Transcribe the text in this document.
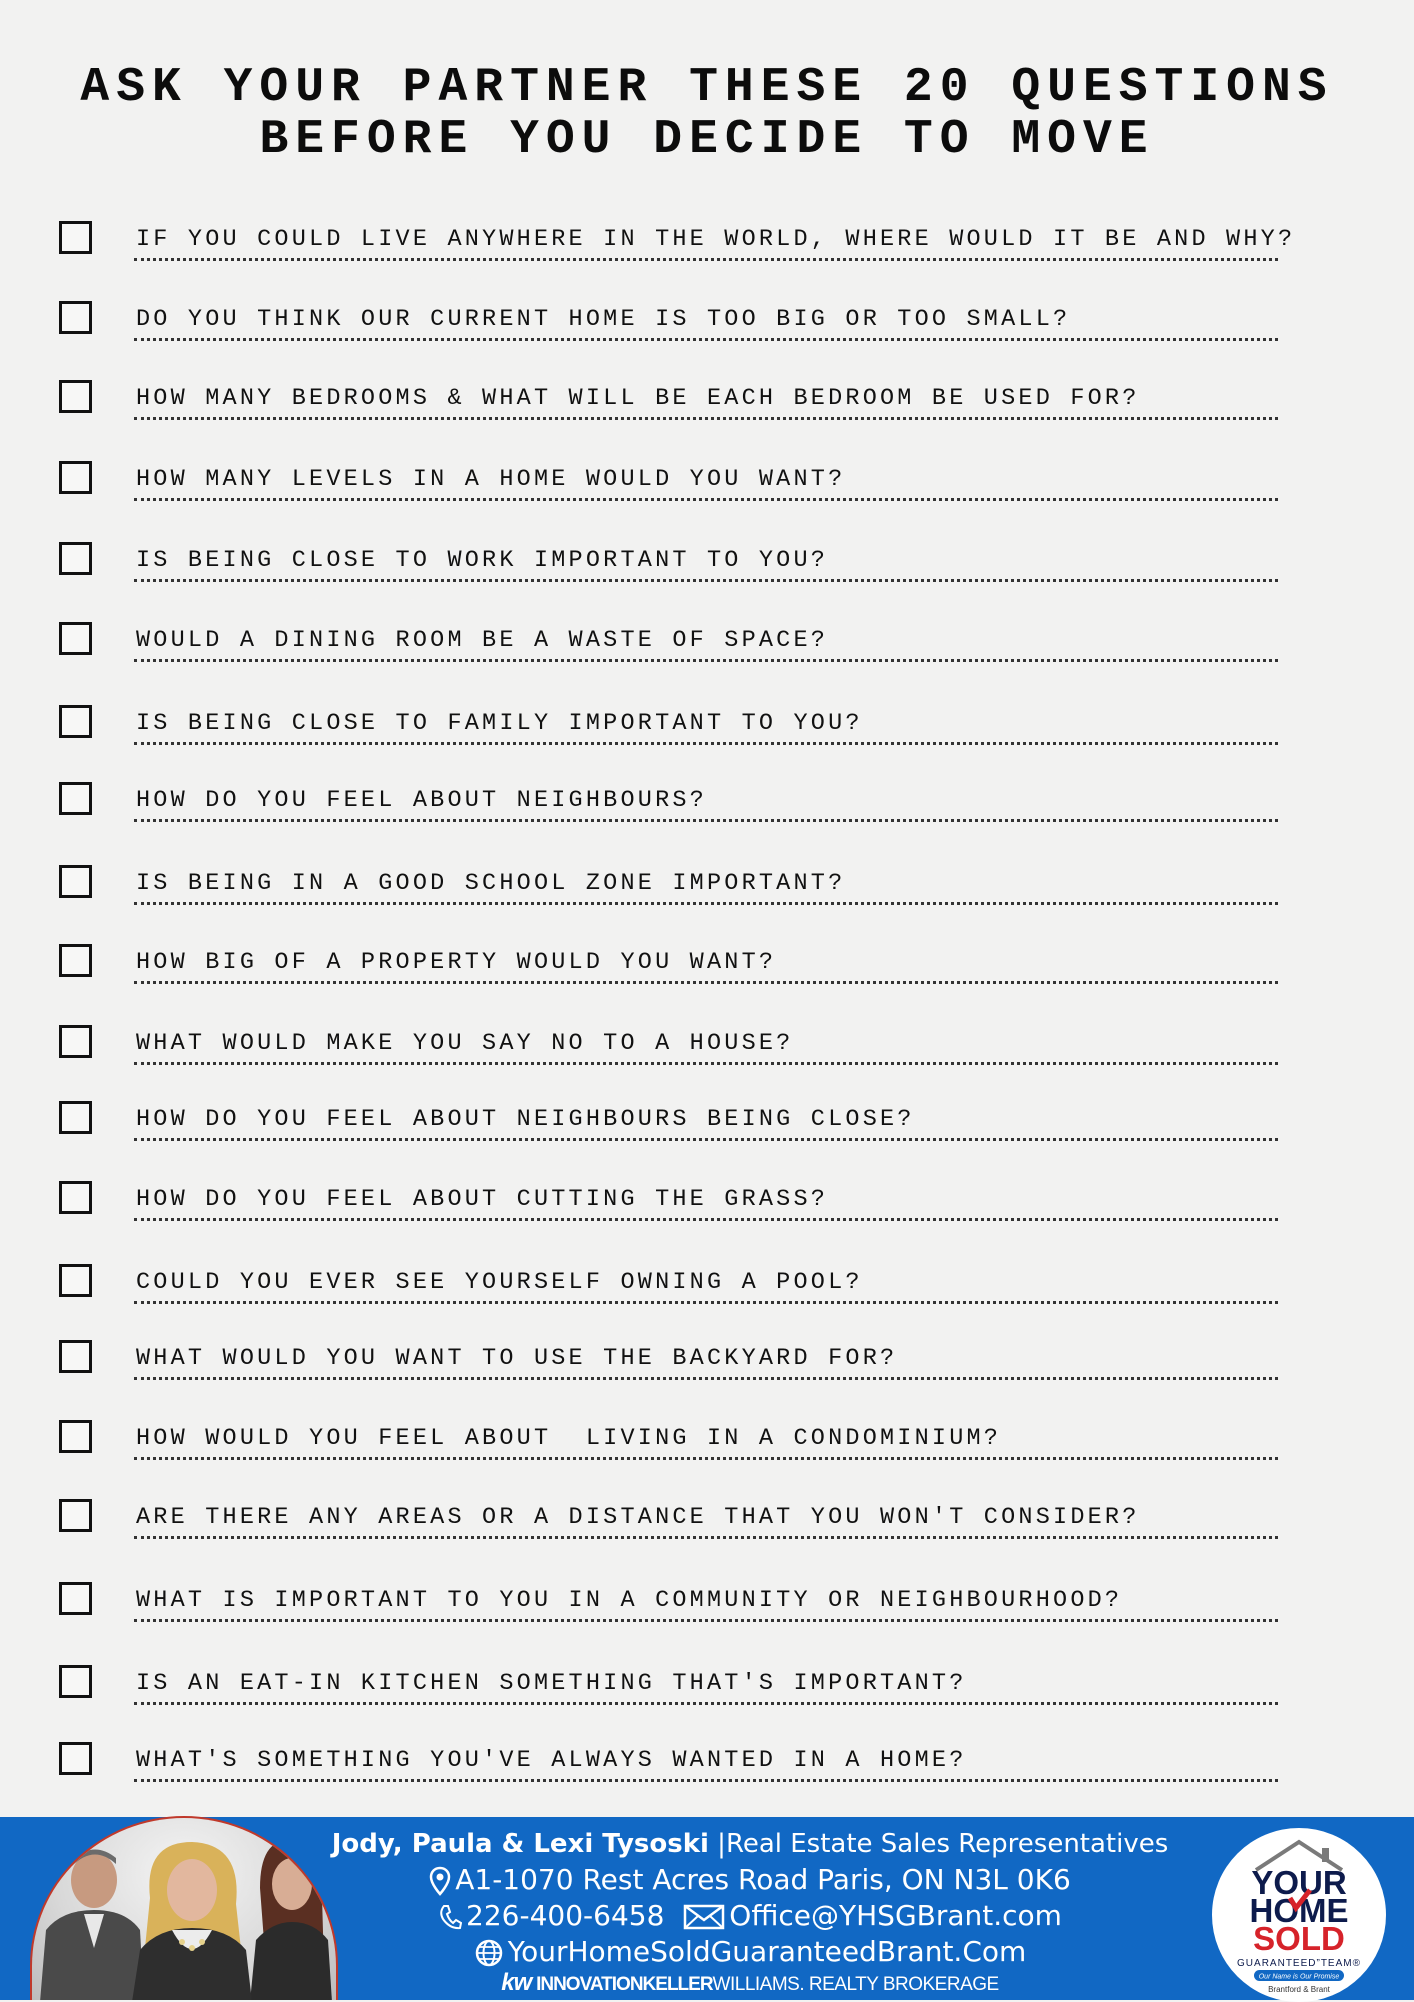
ASK YOUR PARTNER THESE 20 QUESTIONS
BEFORE YOU DECIDE TO MOVE
IF YOU COULD LIVE ANYWHERE IN THE WORLD, WHERE WOULD IT BE AND WHY?
DO YOU THINK OUR CURRENT HOME IS TOO BIG OR TOO SMALL?
HOW MANY BEDROOMS & WHAT WILL BE EACH BEDROOM BE USED FOR?
HOW MANY LEVELS IN A HOME WOULD YOU WANT?
IS BEING CLOSE TO WORK IMPORTANT TO YOU?
WOULD A DINING ROOM BE A WASTE OF SPACE?
IS BEING CLOSE TO FAMILY IMPORTANT TO YOU?
HOW DO YOU FEEL ABOUT NEIGHBOURS?
IS BEING IN A GOOD SCHOOL ZONE IMPORTANT?
HOW BIG OF A PROPERTY WOULD YOU WANT?
WHAT WOULD MAKE YOU SAY NO TO A HOUSE?
HOW DO YOU FEEL ABOUT NEIGHBOURS BEING CLOSE?
HOW DO YOU FEEL ABOUT CUTTING THE GRASS?
COULD YOU EVER SEE YOURSELF OWNING A POOL?
WHAT WOULD YOU WANT TO USE THE BACKYARD FOR?
HOW WOULD YOU FEEL ABOUT  LIVING IN A CONDOMINIUM?
ARE THERE ANY AREAS OR A DISTANCE THAT YOU WON'T CONSIDER?
WHAT IS IMPORTANT TO YOU IN A COMMUNITY OR NEIGHBOURHOOD?
IS AN EAT-IN KITCHEN SOMETHING THAT'S IMPORTANT?
WHAT'S SOMETHING YOU'VE ALWAYS WANTED IN A HOME?
Jody, Paula & Lexi Tysoski |Real Estate Sales Representatives
A1-1070 Rest Acres Road Paris, ON N3L 0K6
226-400-6458 Office@YHSGBrant.com
YourHomeSoldGuaranteedBrant.Com
kw INNOVATIONKELLERWILLIAMS. REALTY BROKERAGE
YOUR
HOME
SOLD
GUARANTEED”TEAM®
Our Name is Our Promise
Brantford & Brant
